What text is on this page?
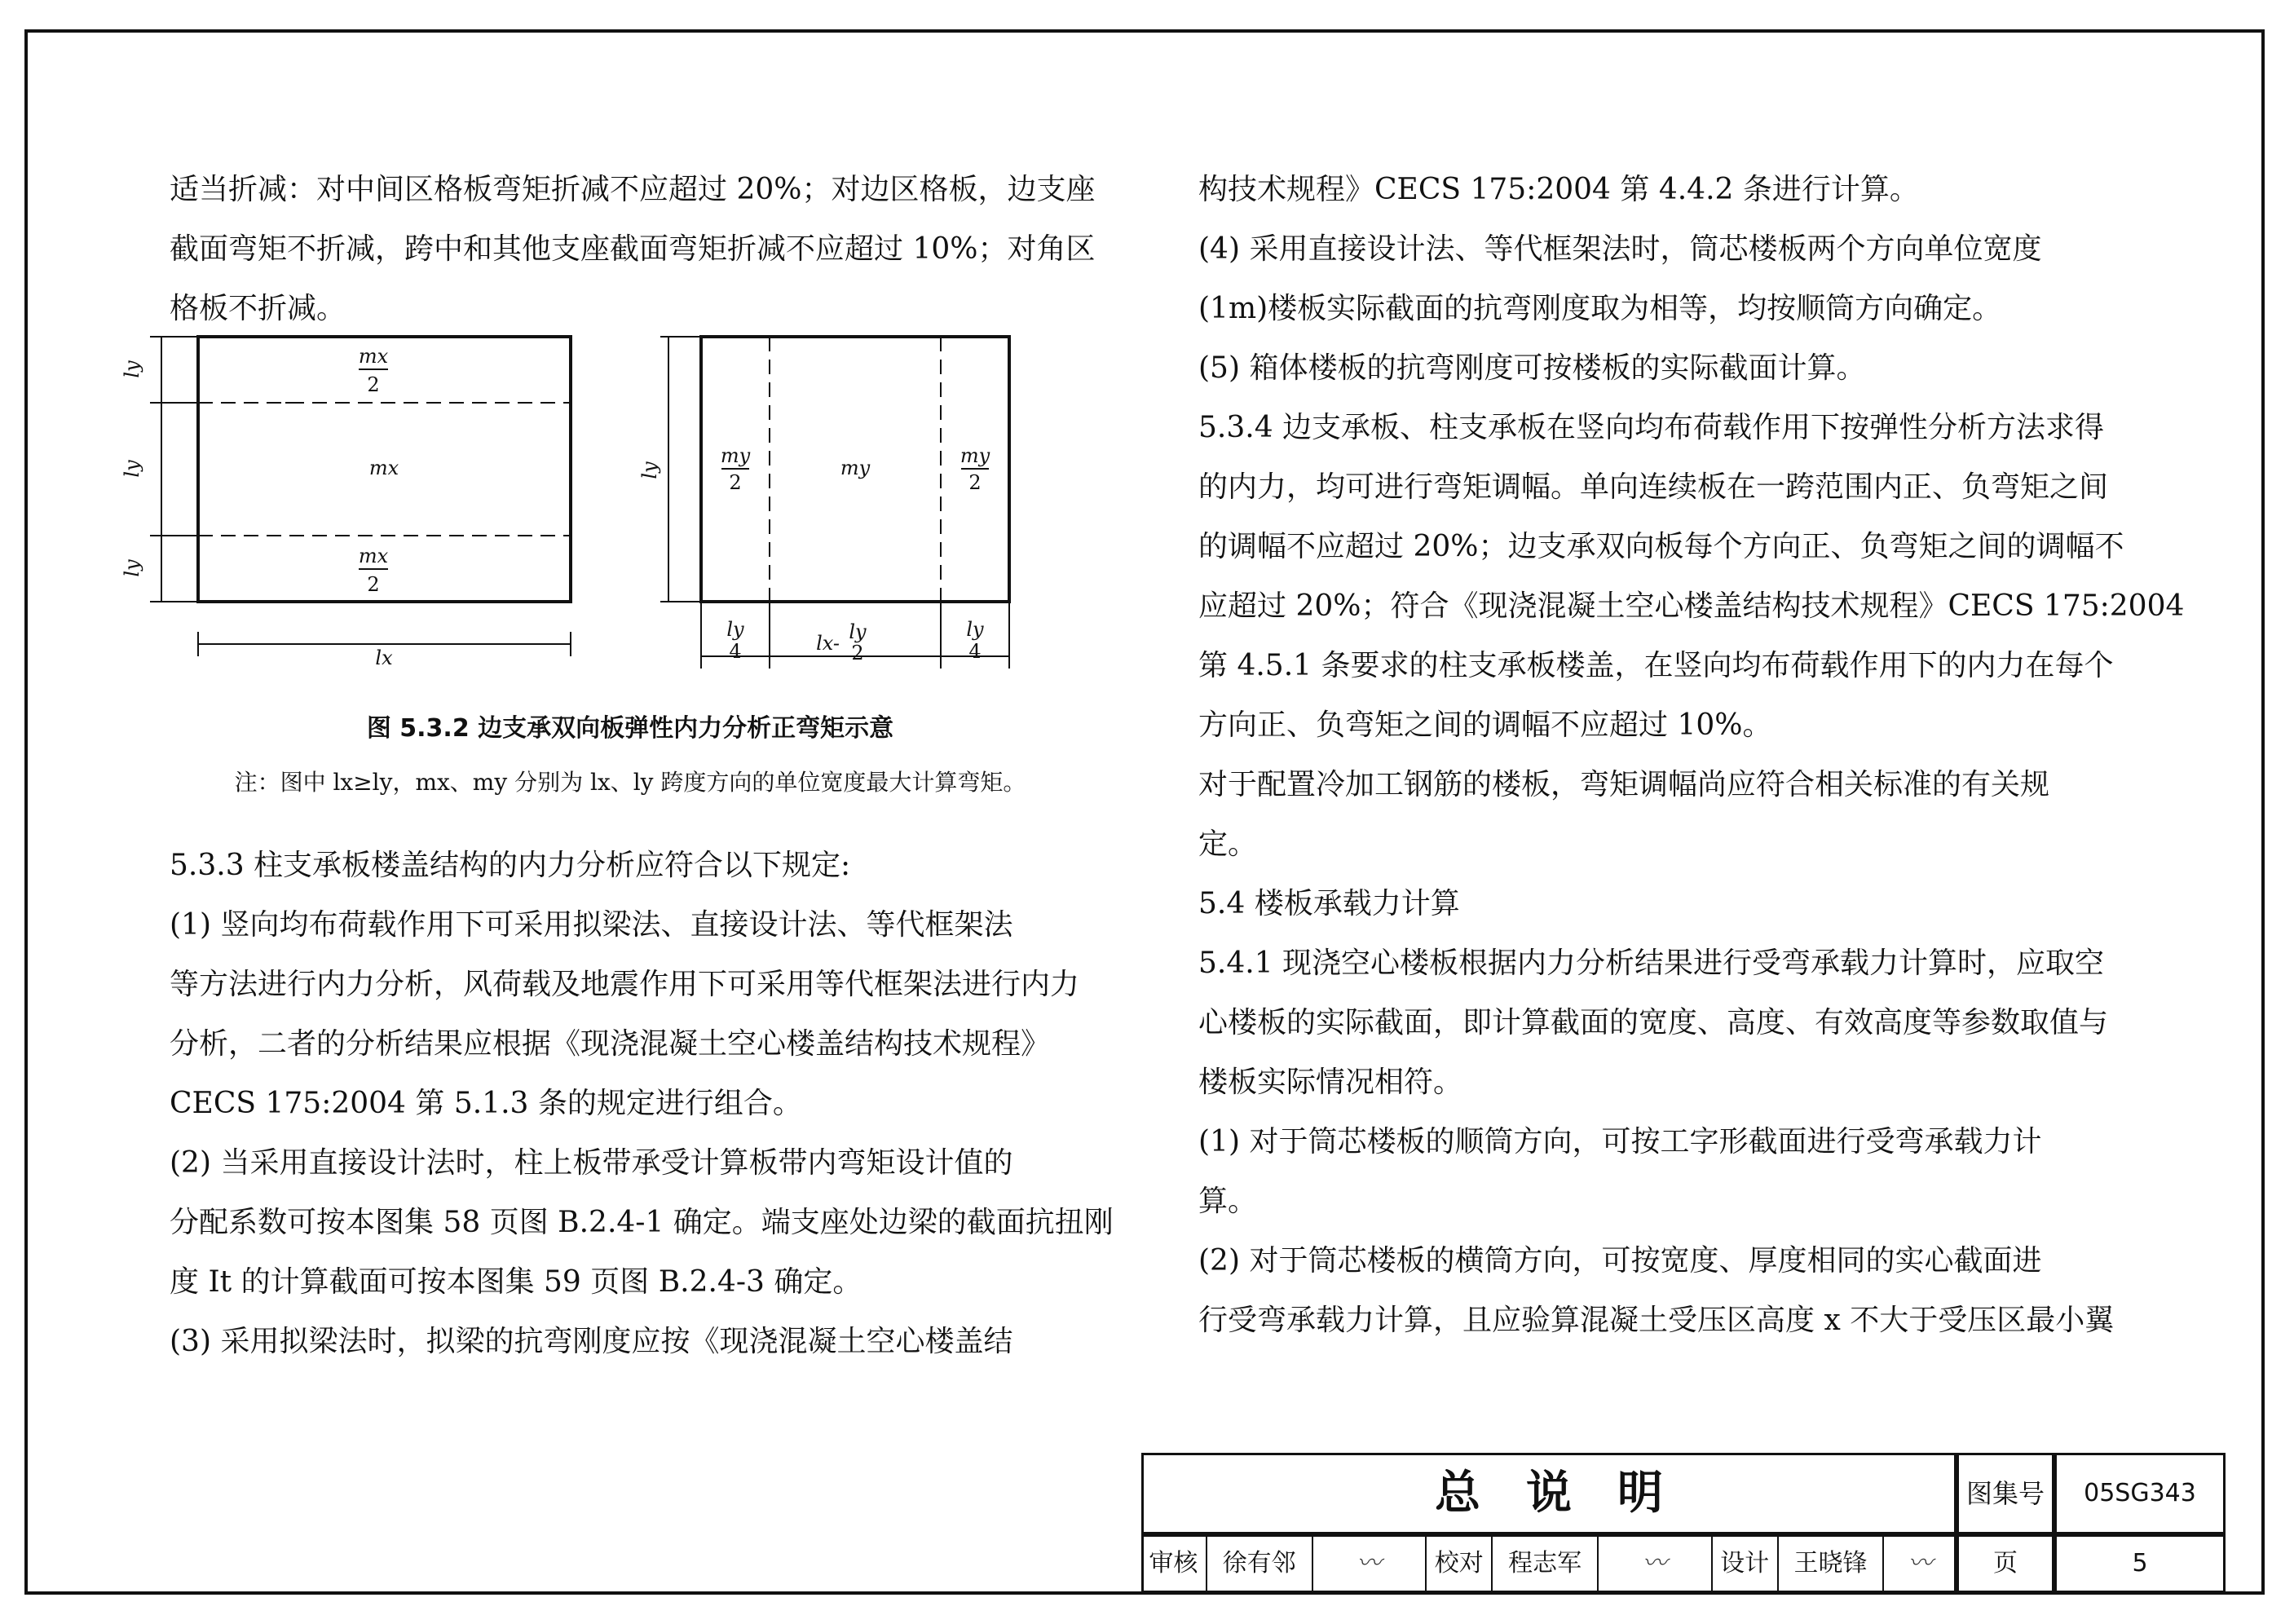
适当折减：对中间区格板弯矩折减不应超过 20%；对边区格板，边支座

截面弯矩不折减，跨中和其他支座截面弯矩折减不应超过 10%；对角区

格板不折减。

mx
2
mx
mx
2
lx
ly
ly
ly
my
my
2
my
2
ly
ly
4	lx- ly
2
ly
4
图 5.3.2 边支承双向板弹性内力分析正弯矩示意
注：图中 lx≥ly，mx、my 分别为 lx、ly 跨度方向的单位宽度最大计算弯矩。

5.3.3 柱支承板楼盖结构的内力分析应符合以下规定:

(1) 竖向均布荷载作用下可采用拟梁法、直接设计法、等代框架法

等方法进行内力分析，风荷载及地震作用下可采用等代框架法进行内力

分析，二者的分析结果应根据《现浇混凝土空心楼盖结构技术规程》

CECS 175:2004 第 5.1.3 条的规定进行组合。

(2) 当采用直接设计法时，柱上板带承受计算板带内弯矩设计值的

分配系数可按本图集 58 页图 B.2.4-1 确定。端支座处边梁的截面抗扭刚

度 It 的计算截面可按本图集 59 页图 B.2.4-3 确定。

(3) 采用拟梁法时，拟梁的抗弯刚度应按《现浇混凝土空心楼盖结

构技术规程》CECS 175:2004 第 4.4.2 条进行计算。

(4) 采用直接设计法、等代框架法时，筒芯楼板两个方向单位宽度

(1m)楼板实际截面的抗弯刚度取为相等，均按顺筒方向确定。

(5) 箱体楼板的抗弯刚度可按楼板的实际截面计算。

5.3.4 边支承板、柱支承板在竖向均布荷载作用下按弹性分析方法求得

的内力，均可进行弯矩调幅。单向连续板在一跨范围内正、负弯矩之间

的调幅不应超过 20%；边支承双向板每个方向正、负弯矩之间的调幅不

应超过 20%；符合《现浇混凝土空心楼盖结构技术规程》CECS 175:2004

第 4.5.1 条要求的柱支承板楼盖，在竖向均布荷载作用下的内力在每个

方向正、负弯矩之间的调幅不应超过 10%。

对于配置冷加工钢筋的楼板，弯矩调幅尚应符合相关标准的有关规

定。

5.4 楼板承载力计算

5.4.1 现浇空心楼板根据内力分析结果进行受弯承载力计算时，应取空

心楼板的实际截面，即计算截面的宽度、高度、有效高度等参数取值与

楼板实际情况相符。

(1) 对于筒芯楼板的顺筒方向，可按工字形截面进行受弯承载力计

算。

(2) 对于筒芯楼板的横筒方向，可按宽度、厚度相同的实心截面进

行受弯承载力计算，且应验算混凝土受压区高度 x 不大于受压区最小翼

总　说　明	图集号	05SG343
审核	徐有邻	〰	校对	程志军	〰	设计	王晓锋	〰	页	5
